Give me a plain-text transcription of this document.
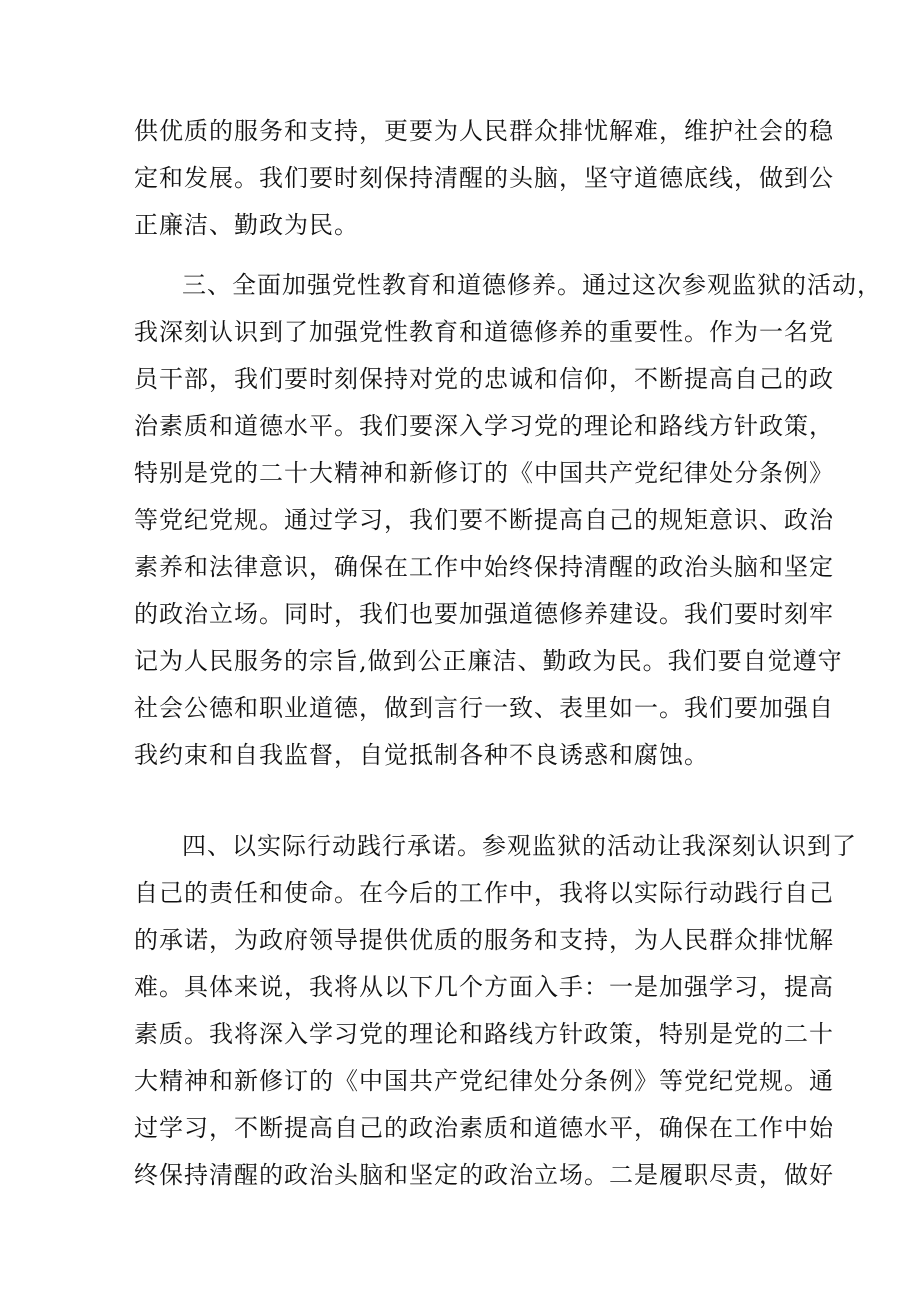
供优质的服务和支持，更要为人民群众排忧解难，维护社会的稳
定和发展。我们要时刻保持清醒的头脑，坚守道德底线，做到公
正廉洁、勤政为民。
三、全面加强党性教育和道德修养。通过这次参观监狱的活动，
我深刻认识到了加强党性教育和道德修养的重要性。作为一名党
员干部，我们要时刻保持对党的忠诚和信仰，不断提高自己的政
治素质和道德水平。我们要深入学习党的理论和路线方针政策，
特别是党的二十大精神和新修订的《中国共产党纪律处分条例》
等党纪党规。通过学习，我们要不断提高自己的规矩意识、政治
素养和法律意识，确保在工作中始终保持清醒的政治头脑和坚定
的政治立场。同时，我们也要加强道德修养建设。我们要时刻牢
记为人民服务的宗旨,做到公正廉洁、勤政为民。我们要自觉遵守
社会公德和职业道德，做到言行一致、表里如一。我们要加强自
我约束和自我监督，自觉抵制各种不良诱惑和腐蚀。
四、以实际行动践行承诺。参观监狱的活动让我深刻认识到了
自己的责任和使命。在今后的工作中，我将以实际行动践行自己
的承诺，为政府领导提供优质的服务和支持，为人民群众排忧解
难。具体来说，我将从以下几个方面入手：一是加强学习，提高
素质。我将深入学习党的理论和路线方针政策，特别是党的二十
大精神和新修订的《中国共产党纪律处分条例》等党纪党规。通
过学习，不断提高自己的政治素质和道德水平，确保在工作中始
终保持清醒的政治头脑和坚定的政治立场。二是履职尽责，做好
